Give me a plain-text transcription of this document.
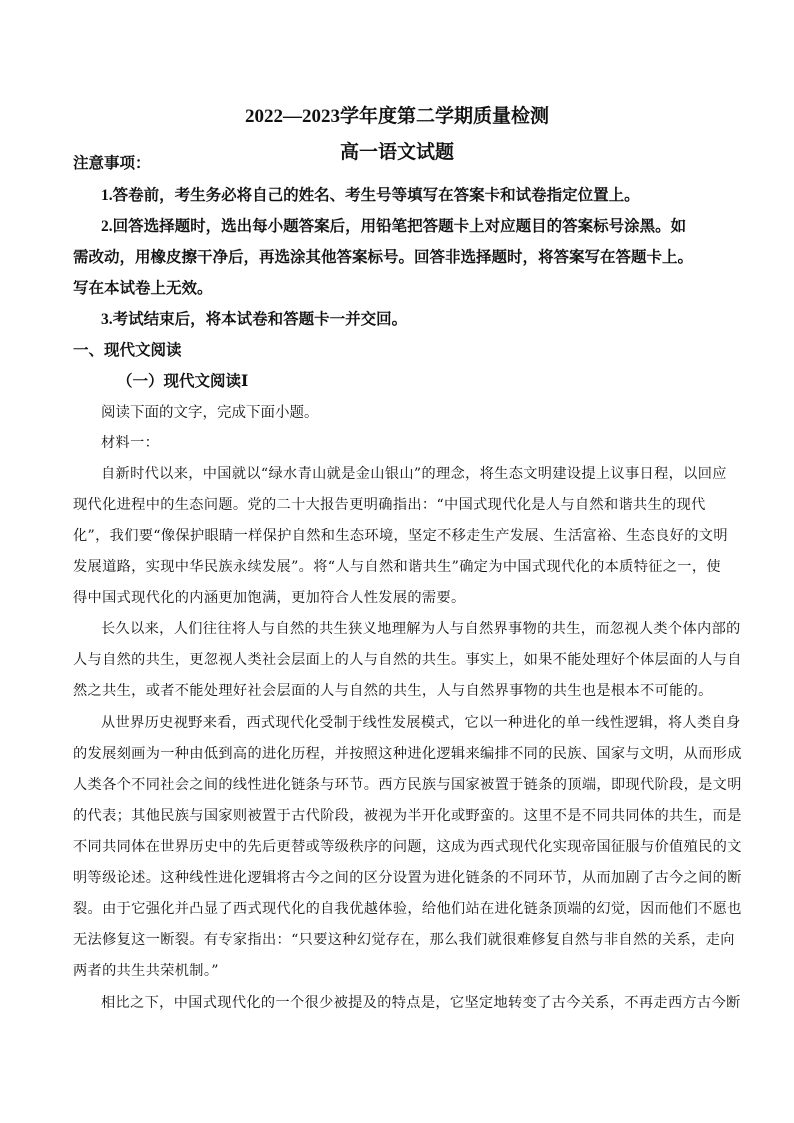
2022—2023学年度第二学期质量检测
高一语文试题
注意事项：
1.答卷前，考生务必将自己的姓名、考生号等填写在答案卡和试卷指定位置上。
2.回答选择题时，选出每小题答案后，用铅笔把答题卡上对应题目的答案标号涂黑。如
需改动，用橡皮擦干净后，再选涂其他答案标号。回答非选择题时，将答案写在答题卡上。
写在本试卷上无效。
3.考试结束后，将本试卷和答题卡一并交回。
一、现代文阅读
（一）现代文阅读Ⅰ
阅读下面的文字，完成下面小题。
材料一：
自新时代以来，中国就以“绿水青山就是金山银山”的理念，将生态文明建设提上议事日程，以回应
现代化进程中的生态问题。党的二十大报告更明确指出：“中国式现代化是人与自然和谐共生的现代
化”，我们要“像保护眼睛一样保护自然和生态环境，坚定不移走生产发展、生活富裕、生态良好的文明
发展道路，实现中华民族永续发展”。将“人与自然和谐共生”确定为中国式现代化的本质特征之一，使
得中国式现代化的内涵更加饱满，更加符合人性发展的需要。
长久以来，人们往往将人与自然的共生狭义地理解为人与自然界事物的共生，而忽视人类个体内部的
人与自然的共生，更忽视人类社会层面上的人与自然的共生。事实上，如果不能处理好个体层面的人与自
然之共生，或者不能处理好社会层面的人与自然的共生，人与自然界事物的共生也是根本不可能的。
从世界历史视野来看，西式现代化受制于线性发展模式，它以一种进化的单一线性逻辑，将人类自身
的发展刻画为一种由低到高的进化历程，并按照这种进化逻辑来编排不同的民族、国家与文明，从而形成
人类各个不同社会之间的线性进化链条与环节。西方民族与国家被置于链条的顶端，即现代阶段，是文明
的代表；其他民族与国家则被置于古代阶段，被视为半开化或野蛮的。这里不是不同共同体的共生，而是
不同共同体在世界历史中的先后更替或等级秩序的问题，这成为西式现代化实现帝国征服与价值殖民的文
明等级论述。这种线性进化逻辑将古今之间的区分设置为进化链条的不同环节，从而加剧了古今之间的断
裂。由于它强化并凸显了西式现代化的自我优越体验，给他们站在进化链条顶端的幻觉，因而他们不愿也
无法修复这一断裂。有专家指出：“只要这种幻觉存在，那么我们就很难修复自然与非自然的关系，走向
两者的共生共荣机制。”
相比之下，中国式现代化的一个很少被提及的特点是，它坚定地转变了古今关系，不再走西方古今断
